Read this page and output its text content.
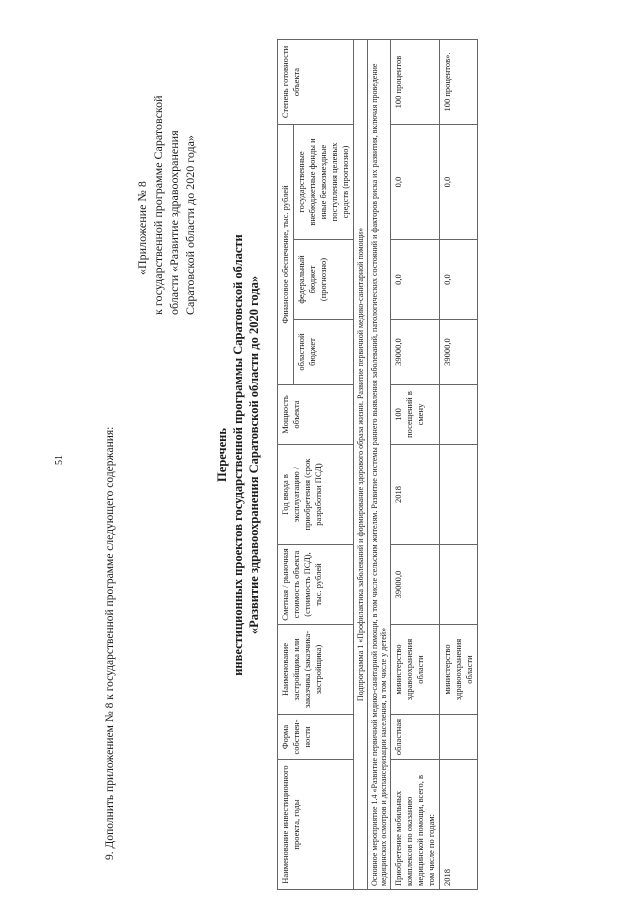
51	9. Дополнить приложением № 8 к государственной программе следующего содержания:
«Приложение № 8 к государственной программе Саратовской области «Развитие здравоохранения Саратовской области до 2020 года»
Перечень инвестиционных проектов государственной программы Саратовской области «Развитие здравоохранения Саратовской области до 2020 года»
Наименование инвестиционного проекта, годы	Форма собствен-ности	Наименование застройщика или заказчика (заказчика-застройщика)	Сметная / рыночная стоимость объекта (стоимость ПСД), тыс. рублей	Год ввода в эксплуатацию / приобретения (срок разработки ПСД)	Мощность объекта	Финансовое обеспечение, тыс. рублей			Степень готовности объекта
						областной бюджет	федеральный бюджет (прогнозно)	государственные внебюджетные фонды и иные безвозмездные поступления целевых средств (прогнозно)	
Подпрограмма 1 «Профилактика заболеваний и формирование здорового образа жизни. Развитие первичной медико-санитарной помощи»									
Основное мероприятие 1.4 «Развитие первичной медико-санитарной помощи, в том числе сельским жителям. Развитие системы раннего выявления заболеваний, патологических состояний и факторов риска их развития, включая проведение медицинских осмотров и диспансеризации населения, в том числе у детей»									
Приобретение мобильных комплексов по оказанию медицинской помощи, всего, в том числе по годам:	областная	министерство здравоохранения области	39000,0	2018	100 посещений в смену	39000,0	0,0	0,0	100 процентов
2018		министерство здравоохранения области				39000,0	0,0	0,0	100 процентов».
